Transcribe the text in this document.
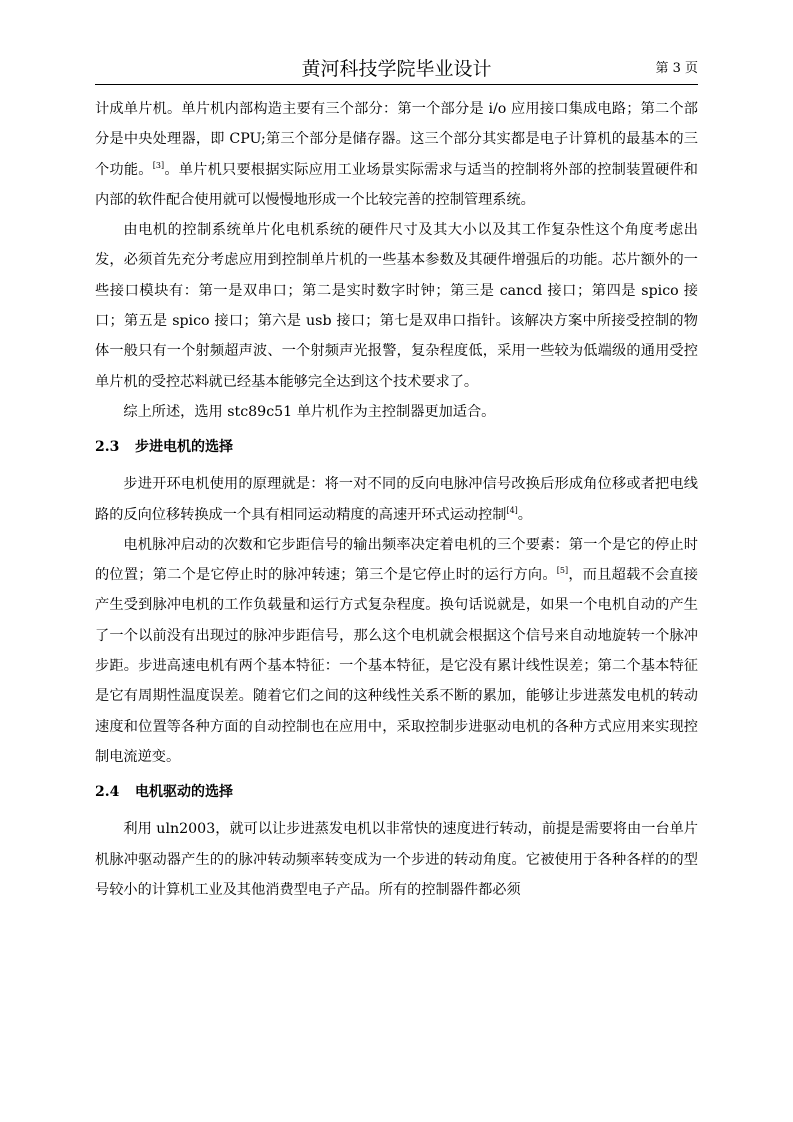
黄河科技学院毕业设计	第 3 页

计成单片机。单片机内部构造主要有三个部分：第一个部分是 i/o 应用接口集成电路；第二个部分是中央处理器，即 CPU;第三个部分是储存器。这三个部分其实都是电子计算机的最基本的三个功能。[3]。单片机只要根据实际应用工业场景实际需求与适当的控制将外部的控制装置硬件和内部的软件配合使用就可以慢慢地形成一个比较完善的控制管理系统。

由电机的控制系统单片化电机系统的硬件尺寸及其大小以及其工作复杂性这个角度考虑出发，必须首先充分考虑应用到控制单片机的一些基本参数及其硬件增强后的功能。芯片额外的一些接口模块有：第一是双串口；第二是实时数字时钟；第三是 cancd 接口；第四是 spico 接口；第五是 spico 接口；第六是 usb 接口；第七是双串口指针。该解决方案中所接受控制的物体一般只有一个射频超声波、一个射频声光报警，复杂程度低，采用一些较为低端级的通用受控单片机的受控芯料就已经基本能够完全达到这个技术要求了。

综上所述，选用 stc89c51 单片机作为主控制器更加适合。

2.3 步进电机的选择

步进开环电机使用的原理就是：将一对不同的反向电脉冲信号改换后形成角位移或者把电线路的反向位移转换成一个具有相同运动精度的高速开环式运动控制[4]。

电机脉冲启动的次数和它步距信号的输出频率决定着电机的三个要素：第一个是它的停止时的位置；第二个是它停止时的脉冲转速；第三个是它停止时的运行方向。[5]，而且超载不会直接产生受到脉冲电机的工作负载量和运行方式复杂程度。换句话说就是，如果一个电机自动的产生了一个以前没有出现过的脉冲步距信号，那么这个电机就会根据这个信号来自动地旋转一个脉冲步距。步进高速电机有两个基本特征：一个基本特征，是它没有累计线性误差；第二个基本特征是它有周期性温度误差。随着它们之间的这种线性关系不断的累加，能够让步进蒸发电机的转动速度和位置等各种方面的自动控制也在应用中，采取控制步进驱动电机的各种方式应用来实现控制电流逆变。

2.4 电机驱动的选择

利用 uln2003，就可以让步进蒸发电机以非常快的速度进行转动，前提是需要将由一台单片机脉冲驱动器产生的的脉冲转动频率转变成为一个步进的转动角度。它被使用于各种各样的的型号较小的计算机工业及其他消费型电子产品。所有的控制器件都必须
